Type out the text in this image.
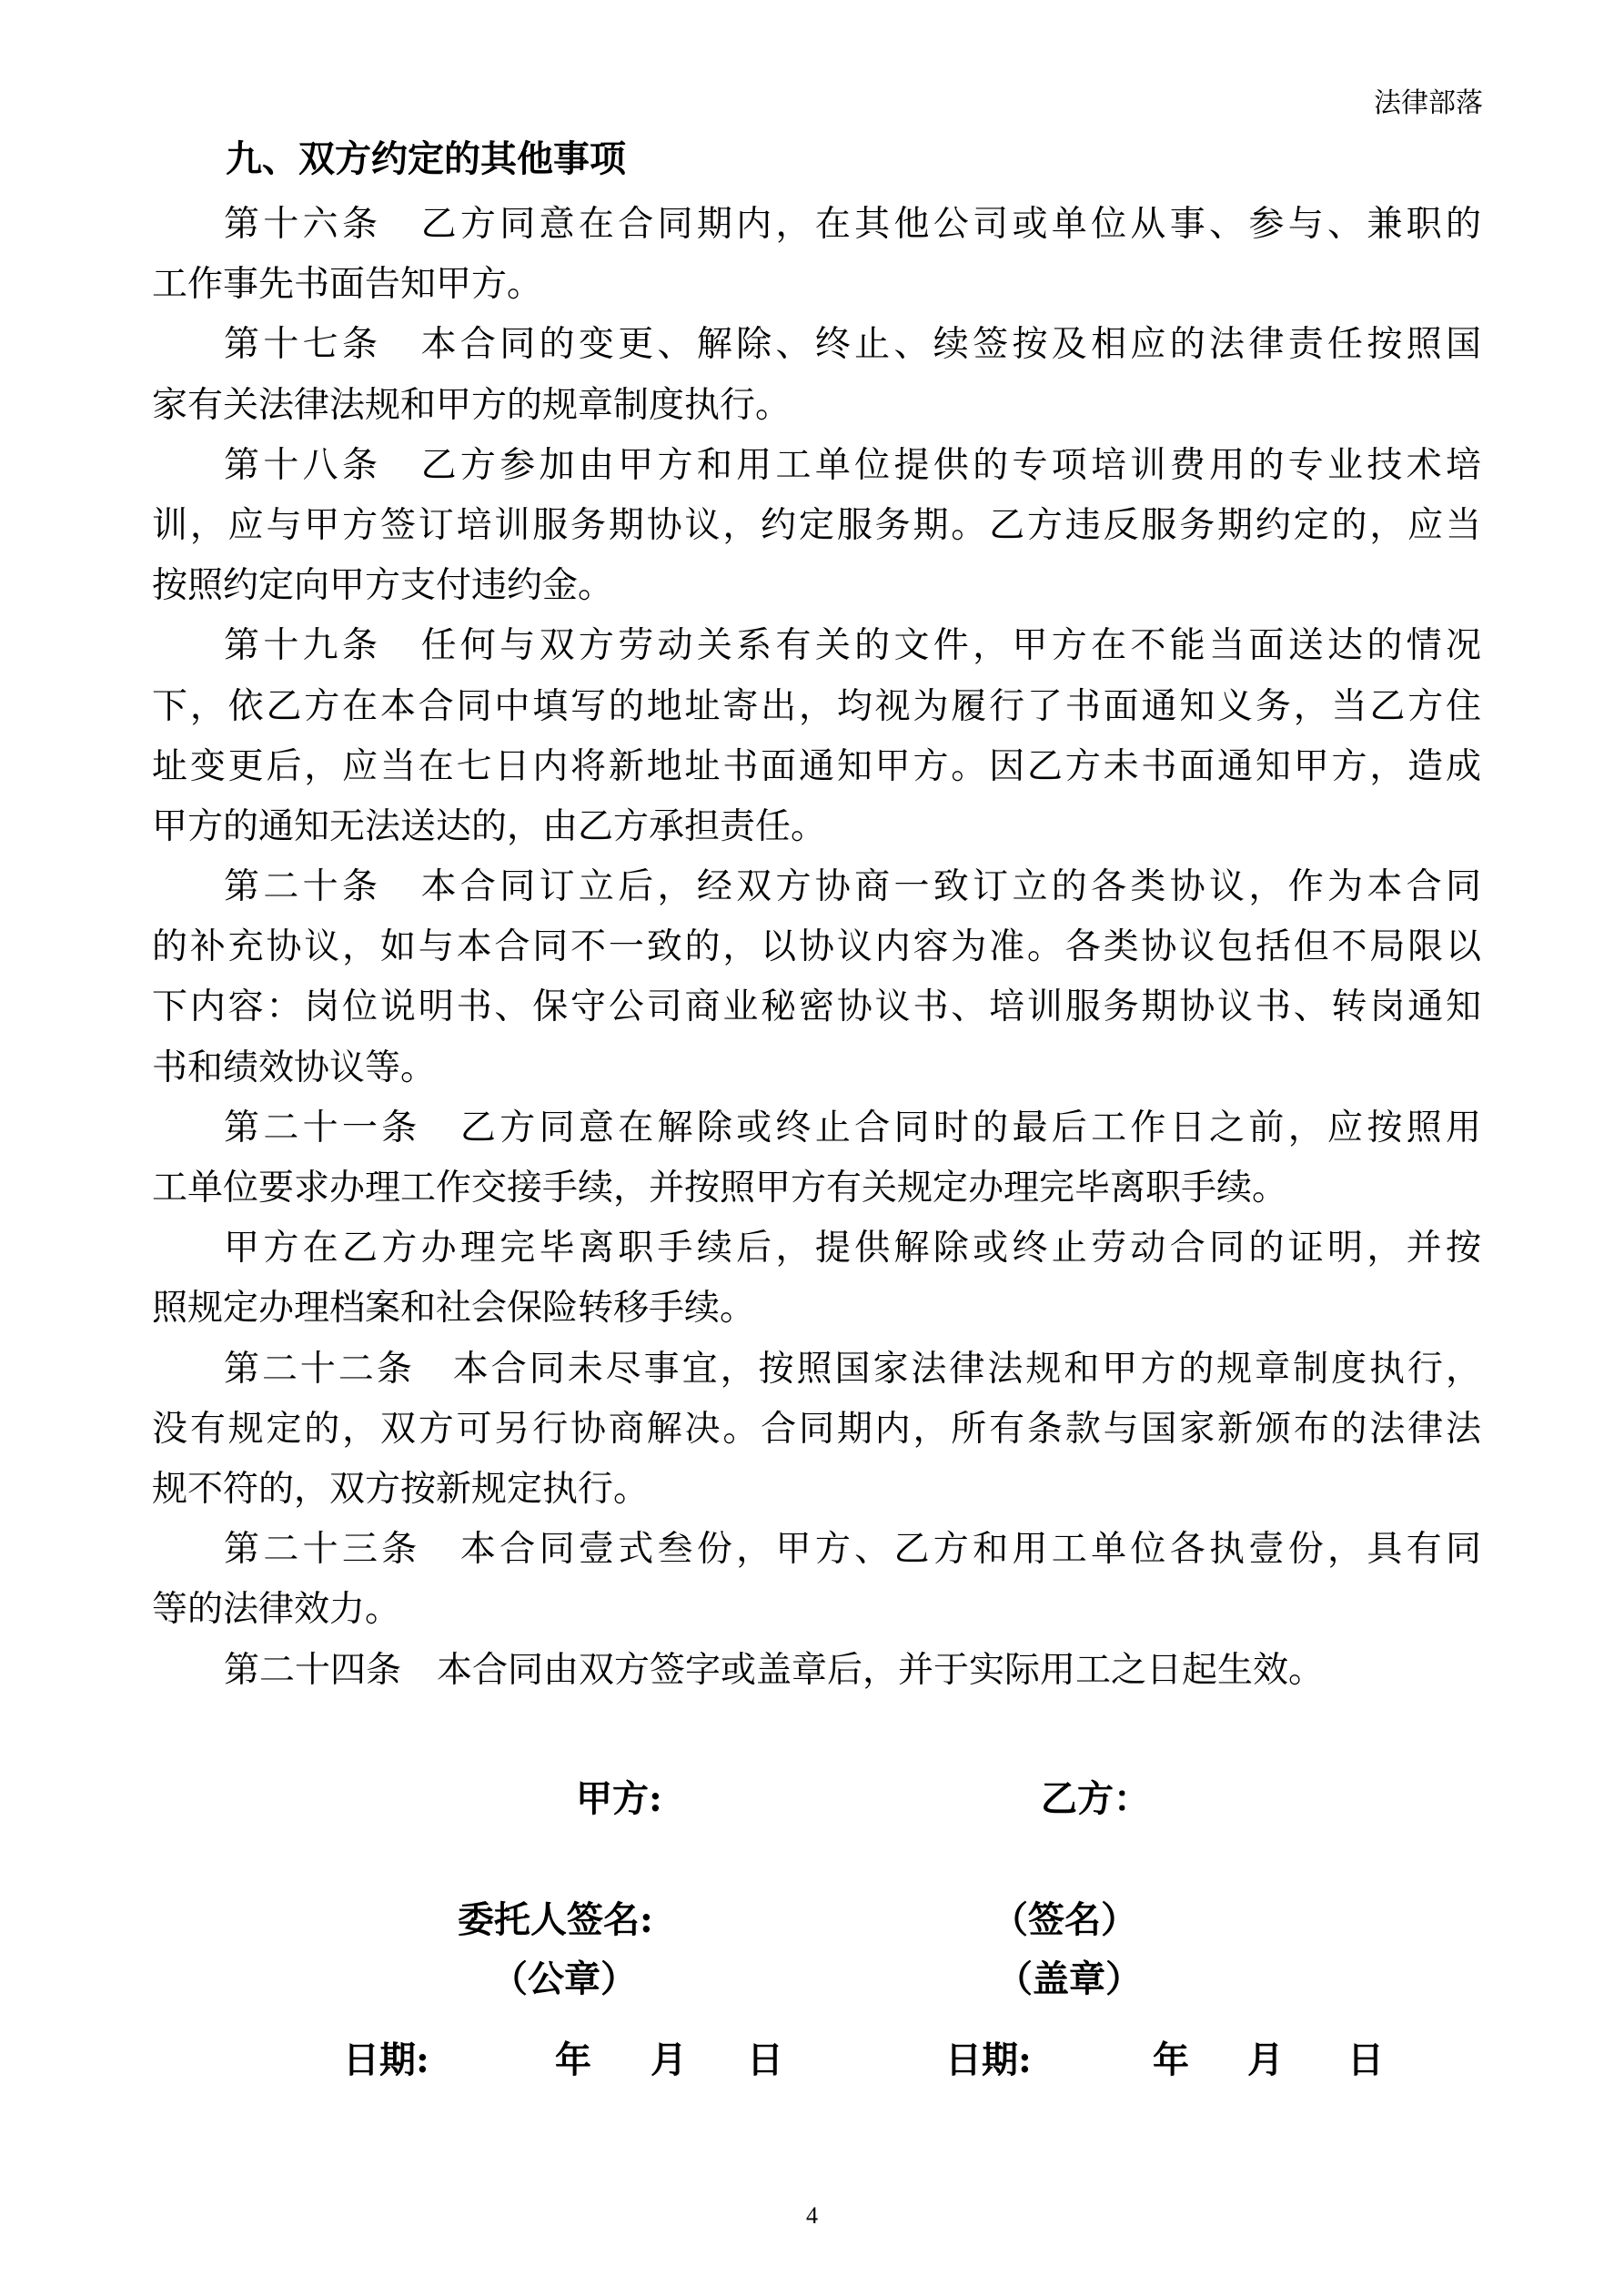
法律部落
九、双方约定的其他事项
第十六条　乙方同意在合同期内，在其他公司或单位从事、参与、兼职的
工作事先书面告知甲方。
第十七条　本合同的变更、解除、终止、续签按及相应的法律责任按照国
家有关法律法规和甲方的规章制度执行。
第十八条　乙方参加由甲方和用工单位提供的专项培训费用的专业技术培
训，应与甲方签订培训服务期协议，约定服务期。乙方违反服务期约定的，应当
按照约定向甲方支付违约金。
第十九条　任何与双方劳动关系有关的文件，甲方在不能当面送达的情况
下，依乙方在本合同中填写的地址寄出，均视为履行了书面通知义务，当乙方住
址变更后，应当在七日内将新地址书面通知甲方。因乙方未书面通知甲方，造成
甲方的通知无法送达的，由乙方承担责任。
第二十条　本合同订立后，经双方协商一致订立的各类协议，作为本合同
的补充协议，如与本合同不一致的，以协议内容为准。各类协议包括但不局限以
下内容：岗位说明书、保守公司商业秘密协议书、培训服务期协议书、转岗通知
书和绩效协议等。
第二十一条　乙方同意在解除或终止合同时的最后工作日之前，应按照用
工单位要求办理工作交接手续，并按照甲方有关规定办理完毕离职手续。
甲方在乙方办理完毕离职手续后，提供解除或终止劳动合同的证明，并按
照规定办理档案和社会保险转移手续。
第二十二条　本合同未尽事宜，按照国家法律法规和甲方的规章制度执行，
没有规定的，双方可另行协商解决。合同期内，所有条款与国家新颁布的法律法
规不符的，双方按新规定执行。
第二十三条　本合同壹式叁份，甲方、乙方和用工单位各执壹份，具有同
等的法律效力。
第二十四条　本合同由双方签字或盖章后，并于实际用工之日起生效。
甲方:	乙方：
委托人签名:	（签名）
（公章）	（盖章）
日期:	年 月 日	日期:	年 月 日
4
